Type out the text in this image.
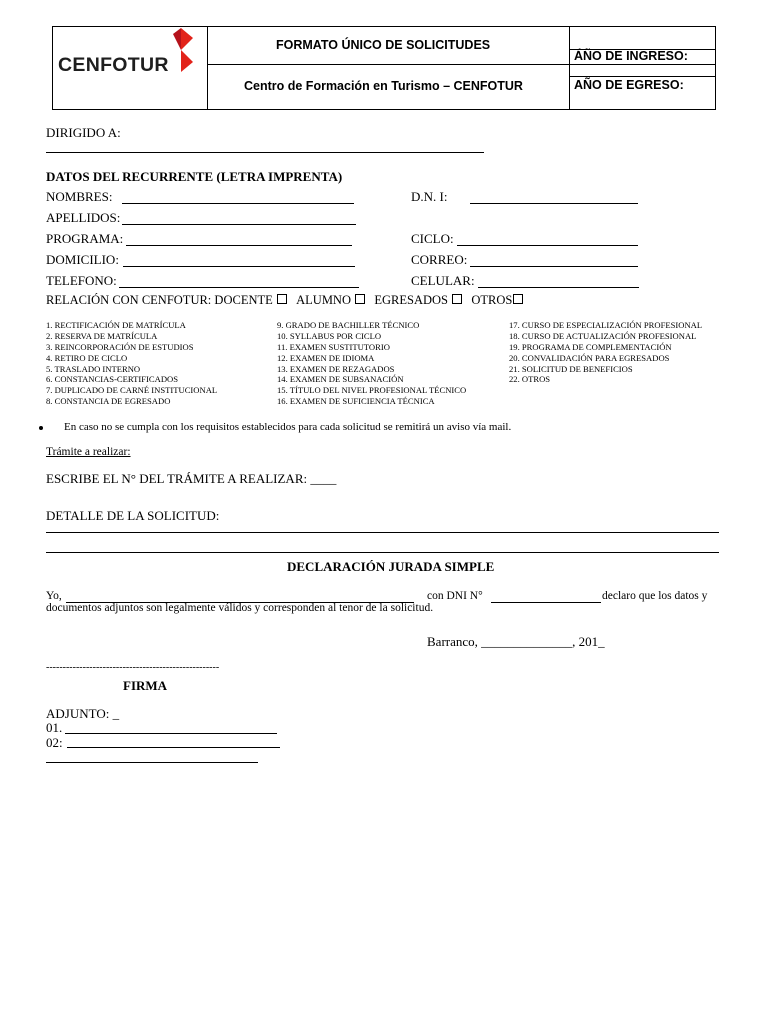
CENFOTUR
FORMATO ÚNICO DE SOLICITUDES
Centro de Formación en Turismo – CENFOTUR
ÁÑO DE INGRESO:
AÑO DE EGRESO:
DIRIGIDO A:
DATOS DEL RECURRENTE (LETRA IMPRENTA)
NOMBRES:	D.N. I:
APELLIDOS:
PROGRAMA:	CICLO:
DOMICILIO:	CORREO:
TELEFONO:	CELULAR:
RELACIÓN CON CENFOTUR: DOCENTE ALUMNO EGRESADOS OTROS
1. RECTIFICACIÓN DE MATRÍCULA
2. RESERVA DE MATRÍCULA
3. REINCORPORACIÓN DE ESTUDIOS
4. RETIRO DE CICLO
5. TRASLADO INTERNO
6. CONSTANCIAS-CERTIFICADOS
7. DUPLICADO DE CARNÉ INSTITUCIONAL
8. CONSTANCIA DE EGRESADO
9. GRADO DE BACHILLER TÉCNICO
10. SYLLABUS POR CICLO
11. EXAMEN SUSTITUTORIO
12. EXAMEN DE IDIOMA
13. EXAMEN DE REZAGADOS
14. EXAMEN DE SUBSANACIÓN
15. TÍTULO DEL NIVEL PROFESIONAL TÉCNICO
16. EXAMEN DE SUFICIENCIA TÉCNICA
17. CURSO DE ESPECIALIZACIÓN PROFESIONAL
18. CURSO DE ACTUALIZACIÓN PROFESIONAL
19. PROGRAMA DE COMPLEMENTACIÓN
20. CONVALIDACIÓN PARA EGRESADOS
21. SOLICITUD DE BENEFICIOS
22. OTROS
En caso no se cumpla con los requisitos establecidos para cada solicitud se remitirá un aviso vía mail.
Trámite a realizar:
ESCRIBE EL N° DEL TRÁMITE A REALIZAR: ____
DETALLE DE LA SOLICITUD:
DECLARACIÓN JURADA SIMPLE
Yo,	con DNI N°	declaro que los datos y
documentos adjuntos son legalmente válidos y corresponden al tenor de la solicitud.
Barranco, ______________, 201_
----------------------------------------------------
FIRMA
ADJUNTO: _
01.
02:
